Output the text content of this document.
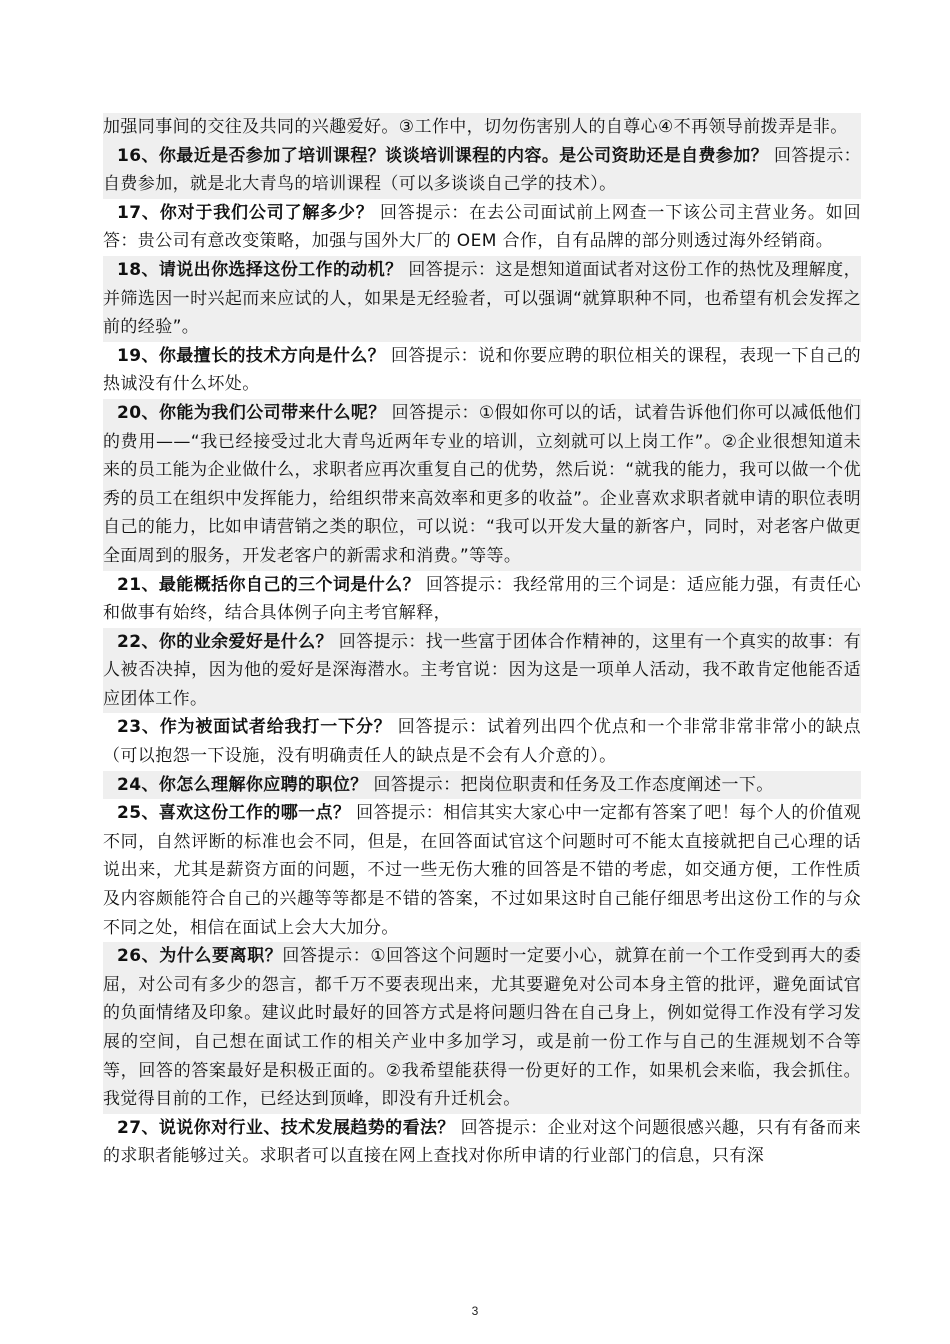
加强同事间的交往及共同的兴趣爱好。③工作中，切勿伤害别人的自尊心④不再领导前拨弄是非。
16、你最近是否参加了培训课程？谈谈培训课程的内容。是公司资助还是自费参加？ 回答提示：自费参加，就是北大青鸟的培训课程（可以多谈谈自己学的技术）。
17、你对于我们公司了解多少？ 回答提示：在去公司面试前上网查一下该公司主营业务。如回答：贵公司有意改变策略，加强与国外大厂的 OEM 合作，自有品牌的部分则透过海外经销商。
18、请说出你选择这份工作的动机？ 回答提示：这是想知道面试者对这份工作的热忱及理解度，并筛选因一时兴起而来应试的人，如果是无经验者，可以强调“就算职种不同，也希望有机会发挥之前的经验”。
19、你最擅长的技术方向是什么？ 回答提示：说和你要应聘的职位相关的课程，表现一下自己的热诚没有什么坏处。
20、你能为我们公司带来什么呢？ 回答提示：①假如你可以的话，试着告诉他们你可以减低他们的费用——“我已经接受过北大青鸟近两年专业的培训，立刻就可以上岗工作”。②企业很想知道未来的员工能为企业做什么，求职者应再次重复自己的优势，然后说：“就我的能力，我可以做一个优秀的员工在组织中发挥能力，给组织带来高效率和更多的收益”。企业喜欢求职者就申请的职位表明自己的能力，比如申请营销之类的职位，可以说：“我可以开发大量的新客户，同时，对老客户做更全面周到的服务，开发老客户的新需求和消费。”等等。
21、最能概括你自己的三个词是什么？ 回答提示：我经常用的三个词是：适应能力强，有责任心和做事有始终，结合具体例子向主考官解释，
22、你的业余爱好是什么？ 回答提示：找一些富于团体合作精神的，这里有一个真实的故事：有人被否决掉，因为他的爱好是深海潜水。主考官说：因为这是一项单人活动，我不敢肯定他能否适应团体工作。
23、作为被面试者给我打一下分？ 回答提示：试着列出四个优点和一个非常非常非常小的缺点（可以抱怨一下设施，没有明确责任人的缺点是不会有人介意的）。
24、你怎么理解你应聘的职位？ 回答提示：把岗位职责和任务及工作态度阐述一下。
25、喜欢这份工作的哪一点？ 回答提示：相信其实大家心中一定都有答案了吧！每个人的价值观不同，自然评断的标准也会不同，但是，在回答面试官这个问题时可不能太直接就把自己心理的话说出来，尤其是薪资方面的问题，不过一些无伤大雅的回答是不错的考虑，如交通方便，工作性质及内容颇能符合自己的兴趣等等都是不错的答案，不过如果这时自己能仔细思考出这份工作的与众不同之处，相信在面试上会大大加分。
26、为什么要离职？回答提示：①回答这个问题时一定要小心，就算在前一个工作受到再大的委屈，对公司有多少的怨言，都千万不要表现出来，尤其要避免对公司本身主管的批评，避免面试官的负面情绪及印象。建议此时最好的回答方式是将问题归咎在自己身上，例如觉得工作没有学习发展的空间，自己想在面试工作的相关产业中多加学习，或是前一份工作与自己的生涯规划不合等等，回答的答案最好是积极正面的。②我希望能获得一份更好的工作，如果机会来临，我会抓住。我觉得目前的工作，已经达到顶峰，即没有升迁机会。
27、说说你对行业、技术发展趋势的看法？ 回答提示：企业对这个问题很感兴趣，只有有备而来的求职者能够过关。求职者可以直接在网上查找对你所申请的行业部门的信息，只有深
3
